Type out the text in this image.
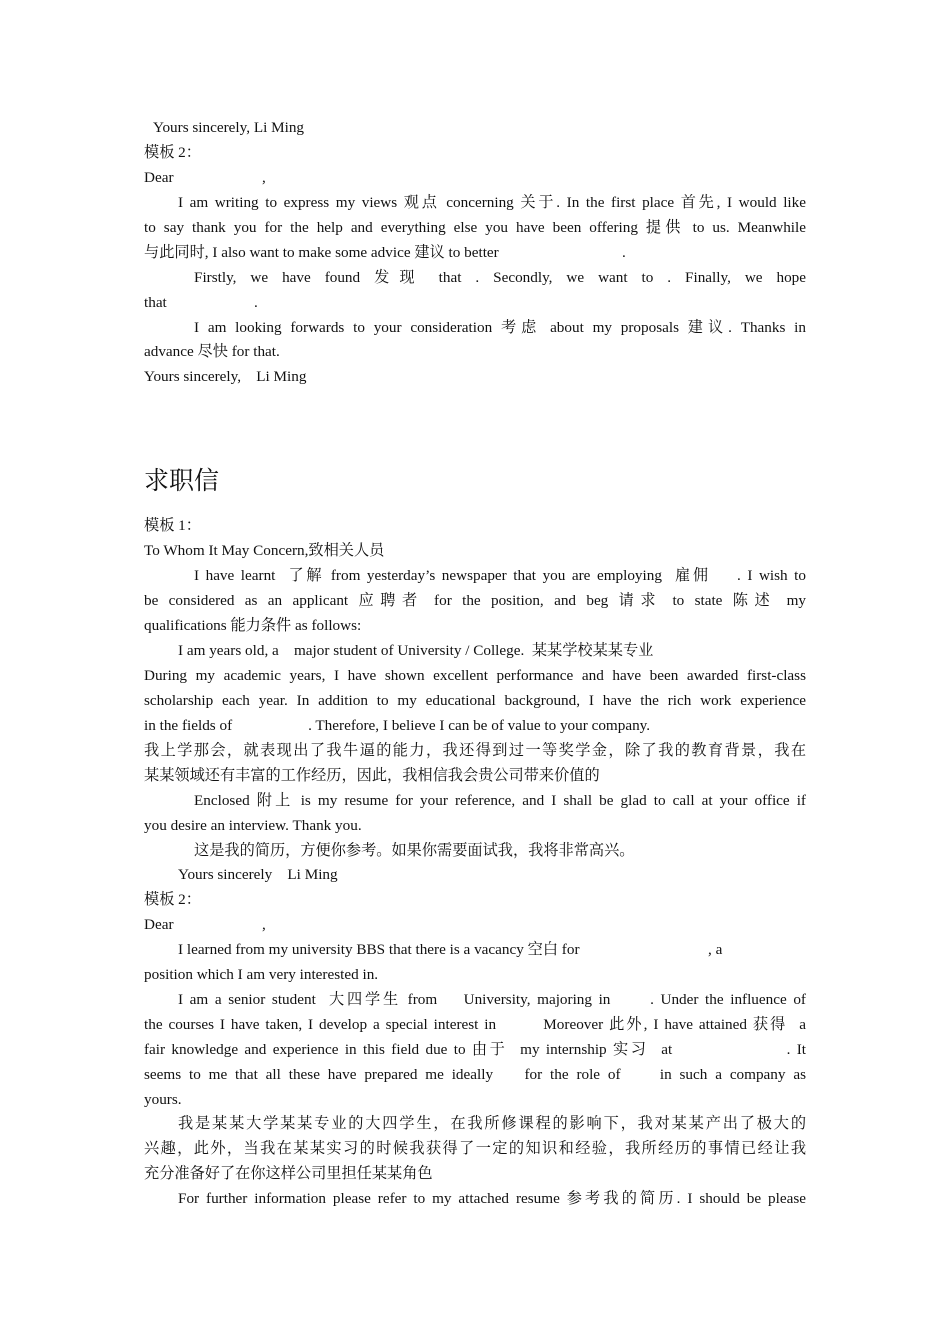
Yours sincerely, Li Ming
模板 2：
Dear	,
I am writing to express my views 观点 concerning 关于. In the first place 首先, I would like
to say thank you for the help and everything else you have been offering 提供 to us. Meanwhile
与此同时, I also want to make some advice 建议 to better	.
Firstly, we have found 发现 that . Secondly, we want to . Finally, we hope
that	.
I am looking forwards to your consideration 考虑 about my proposals 建议. Thanks in
advance 尽快 for that.
Yours sincerely,    Li Ming
求职信
模板 1：
To Whom It May Concern,致相关人员
I have learnt  了解 from yesterday’s newspaper that you are employing  雇佣    . I wish to
be considered as an applicant 应聘者 for the position, and beg 请求 to state 陈述 my
qualifications 能力条件 as follows:
I am years old, a    major student of University / College.  某某学校某某专业
During my academic years, I have shown excellent performance and have been awarded first-class
scholarship each year. In addition to my educational background, I have the rich work experience
in the fields of                    . Therefore, I believe I can be of value to your company.
我上学那会，就表现出了我牛逼的能力，我还得到过一等奖学金，除了我的教育背景，我在
某某领域还有丰富的工作经历，因此，我相信我会贵公司带来价值的
Enclosed 附上 is my resume for your reference, and I shall be glad to call at your office if
you desire an interview. Thank you.
这是我的简历，方便你参考。如果你需要面试我，我将非常高兴。
Yours sincerely    Li Ming
模板 2：
Dear	,
I learned from my university BBS that there is a vacancy 空白 for	, a
position which I am very interested in.
I am a senior student  大四学生 from    University, majoring in      . Under the influence of
the courses I have taken, I develop a special interest in        Moreover 此外, I have attained 获得  a
fair knowledge and experience in this field due to 由于  my internship 实习  at                  . It
seems to me that all these have prepared me ideally    for the role of     in such a company as
yours.
我是某某大学某某专业的大四学生，在我所修课程的影响下，我对某某产出了极大的
兴趣，此外，当我在某某实习的时候我获得了一定的知识和经验，我所经历的事情已经让我
充分准备好了在你这样公司里担任某某角色
For further information please refer to my attached resume 参考我的简历. I should be please
